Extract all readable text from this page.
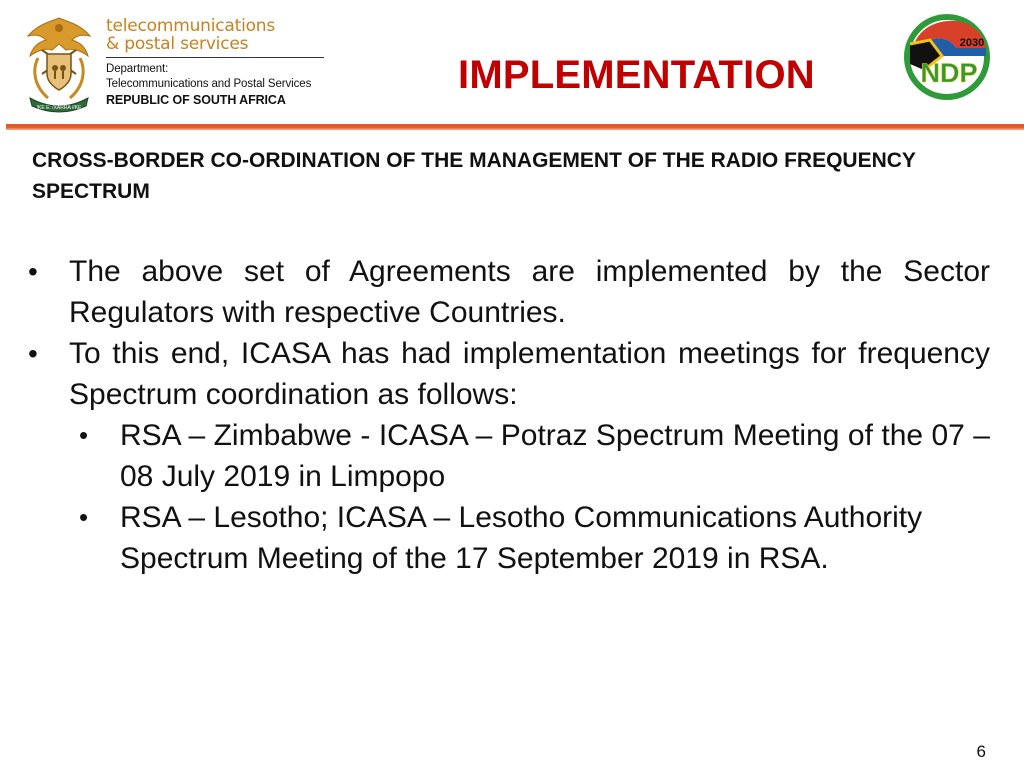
!KE E: /XARRA //KE
telecommunications
& postal services
Department:
Telecommunications and Postal Services
REPUBLIC OF SOUTH AFRICA
IMPLEMENTATION
2030
NDP
CROSS-BORDER CO-ORDINATION OF THE MANAGEMENT OF THE RADIO FREQUENCY SPECTRUM
•	The above set of Agreements are implemented by the Sector Regulators with respective Countries.
•	To this end, ICASA has had implementation meetings for frequency Spectrum coordination as follows:
• RSA – Zimbabwe - ICASA – Potraz Spectrum Meeting of the 07 – 08 July 2019 in Limpopo
• RSA – Lesotho; ICASA – Lesotho Communications Authority Spectrum Meeting of the 17 September 2019 in RSA.
6
